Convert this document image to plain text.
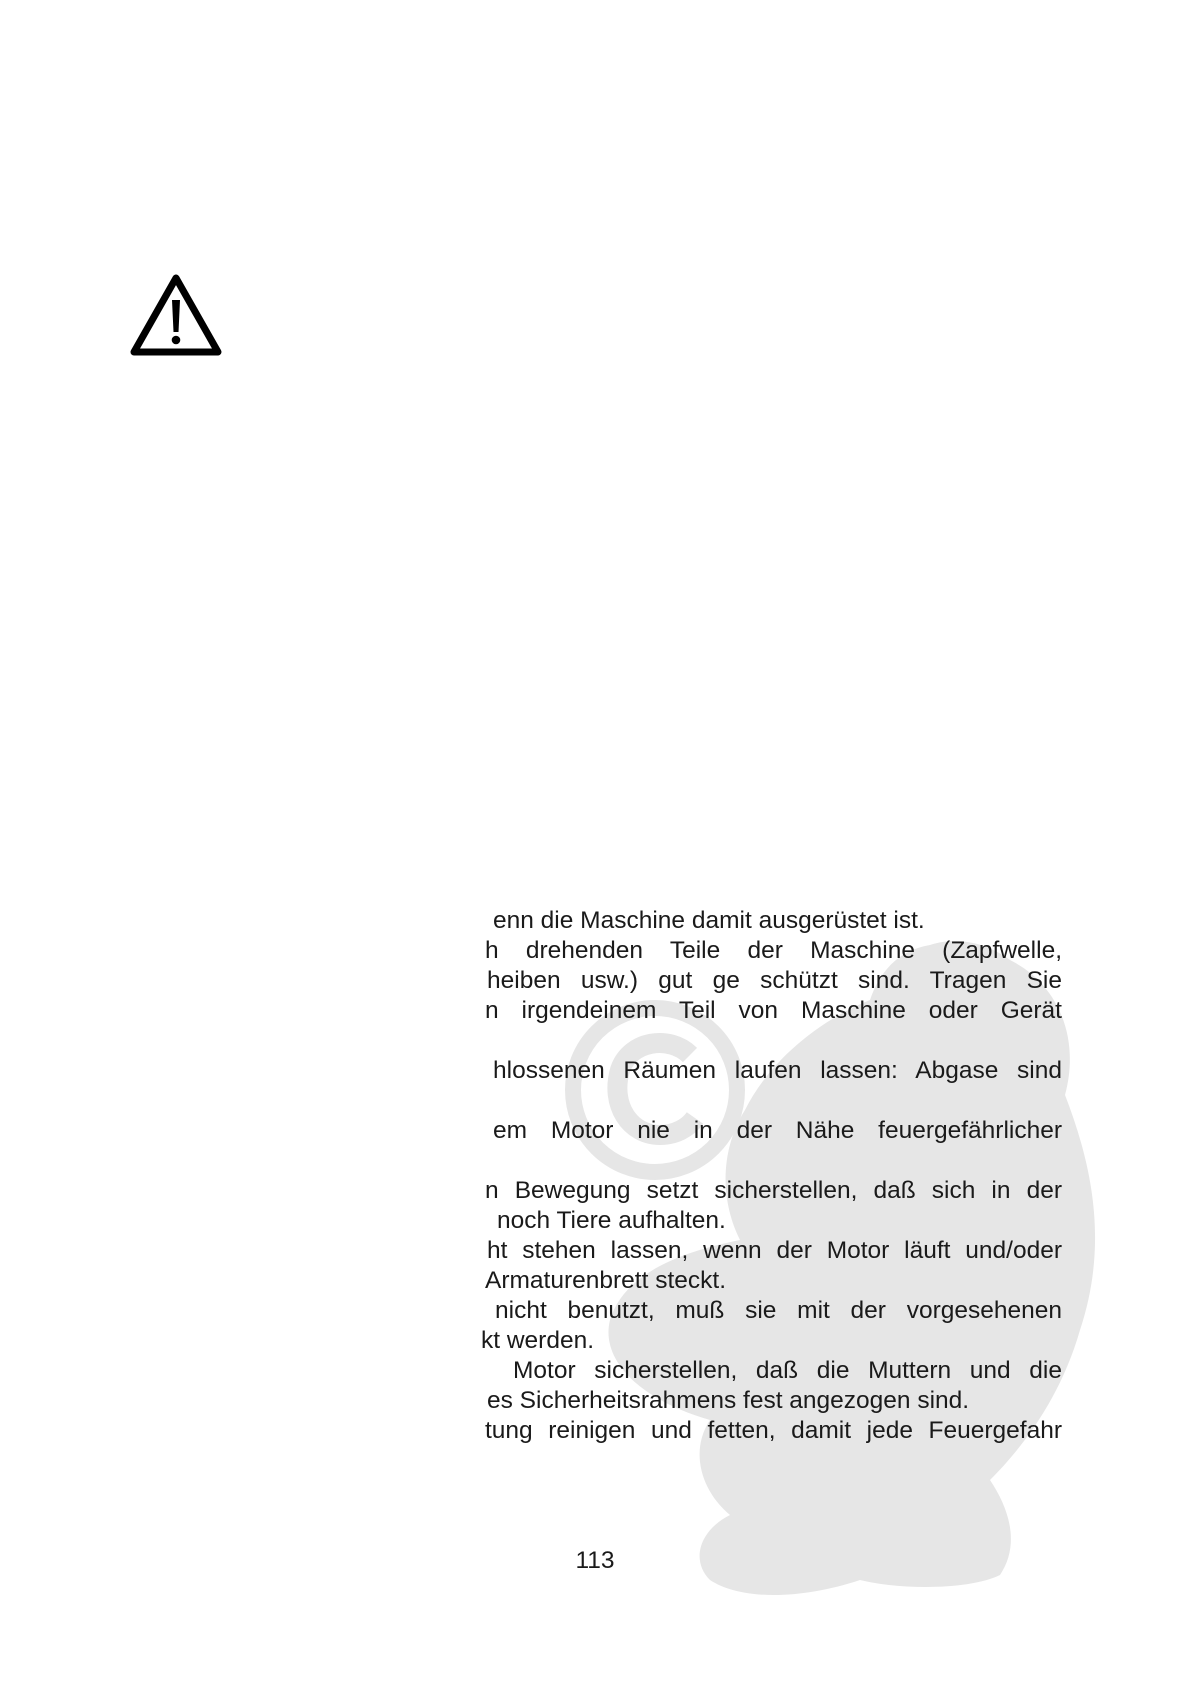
enn die Maschine damit ausgerüstet ist.
h drehenden Teile der Maschine (Zapfwelle,
heiben usw.) gut ge schützt sind. Tragen Sie
n irgendeinem Teil von Maschine oder Gerät
hlossenen Räumen laufen lassen: Abgase sind
em Motor nie in der Nähe feuergefährlicher
n Bewegung setzt sicherstellen, daß sich in der
noch Tiere aufhalten.
ht stehen lassen, wenn der Motor läuft und/oder
Armaturenbrett steckt.
nicht benutzt, muß sie mit der vorgesehenen
kt werden.
Motor sicherstellen, daß die Muttern und die
es Sicherheitsrahmens fest angezogen sind.
tung reinigen und fetten, damit jede Feuergefahr
113
